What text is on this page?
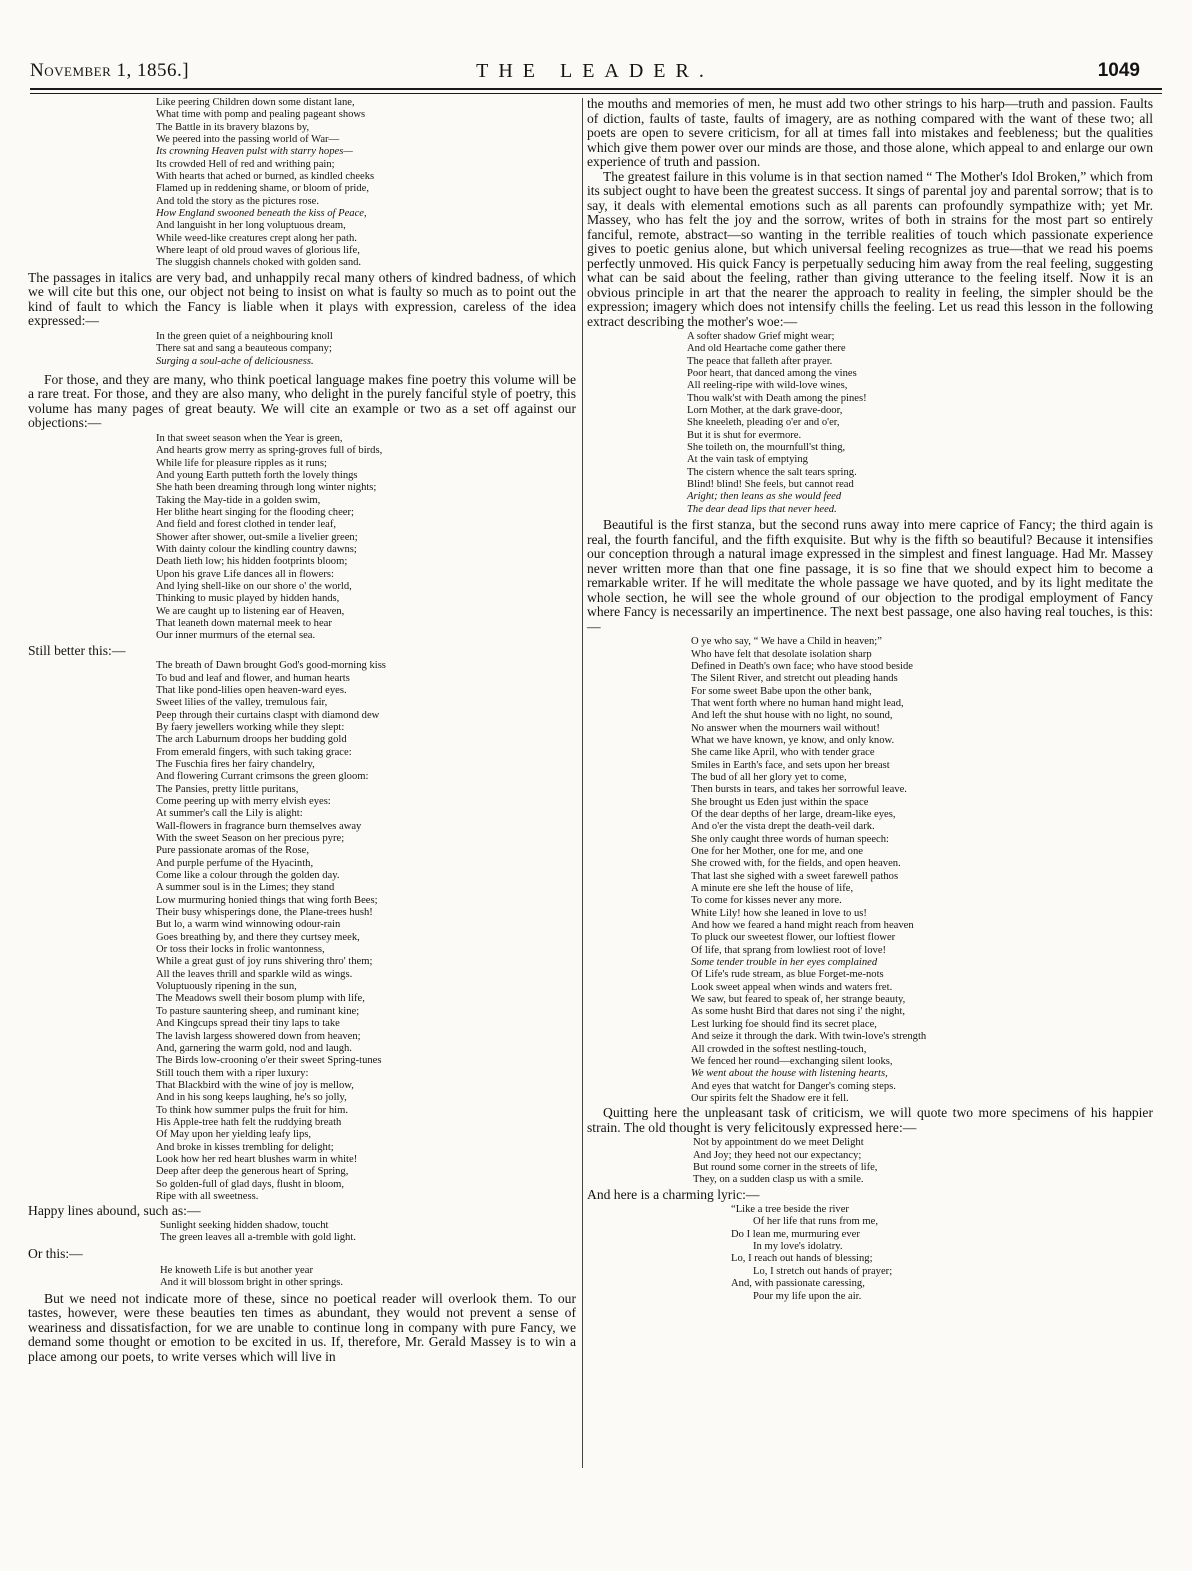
November 1, 1856.]	THE LEADER.	1049
Like peering Children down some distant lane,
What time with pomp and pealing pageant shows
The Battle in its bravery blazons by,
We peered into the passing world of War—
Its crowning Heaven pulst with starry hopes—
Its crowded Hell of red and writhing pain;
With hearts that ached or burned, as kindled cheeks
Flamed up in reddening shame, or bloom of pride,
And told the story as the pictures rose.
How England swooned beneath the kiss of Peace,
And languisht in her long voluptuous dream,
While weed-like creatures crept along her path.
Where leapt of old proud waves of glorious life,
The sluggish channels choked with golden sand.

The passages in italics are very bad, and unhappily recal many others of kindred badness, of which we will cite but this one, our object not being to insist on what is faulty so much as to point out the kind of fault to which the Fancy is liable when it plays with expression, careless of the idea expressed:—

In the green quiet of a neighbouring knoll
There sat and sang a beauteous company;
Surging a soul-ache of deliciousness.

For those, and they are many, who think poetical language makes fine poetry this volume will be a rare treat. For those, and they are also many, who delight in the purely fanciful style of poetry, this volume has many pages of great beauty. We will cite an example or two as a set off against our objections:—

In that sweet season when the Year is green,
And hearts grow merry as spring-groves full of birds,
While life for pleasure ripples as it runs;
And young Earth putteth forth the lovely things
She hath been dreaming through long winter nights;
Taking the May-tide in a golden swim,
Her blithe heart singing for the flooding cheer;
And field and forest clothed in tender leaf,
Shower after shower, out-smile a livelier green;
With dainty colour the kindling country dawns;
Death lieth low; his hidden footprints bloom;
Upon his grave Life dances all in flowers:
And lying shell-like on our shore o' the world,
Thinking to music played by hidden hands,
We are caught up to listening ear of Heaven,
That leaneth down maternal meek to hear
Our inner murmurs of the eternal sea.

Still better this:—

The breath of Dawn brought God's good-morning kiss
To bud and leaf and flower, and human hearts
That like pond-lilies open heaven-ward eyes.
Sweet lilies of the valley, tremulous fair,
Peep through their curtains claspt with diamond dew
By faery jewellers working while they slept:
The arch Laburnum droops her budding gold
From emerald fingers, with such taking grace:
The Fuschia fires her fairy chandelry,
And flowering Currant crimsons the green gloom:
The Pansies, pretty little puritans,
Come peering up with merry elvish eyes:
At summer's call the Lily is alight:
Wall-flowers in fragrance burn themselves away
With the sweet Season on her precious pyre;
Pure passionate aromas of the Rose,
And purple perfume of the Hyacinth,
Come like a colour through the golden day.
A summer soul is in the Limes; they stand
Low murmuring honied things that wing forth Bees;
Their busy whisperings done, the Plane-trees hush!
But lo, a warm wind winnowing odour-rain
Goes breathing by, and there they curtsey meek,
Or toss their locks in frolic wantonness,
While a great gust of joy runs shivering thro' them;
All the leaves thrill and sparkle wild as wings.
Voluptuously ripening in the sun,
The Meadows swell their bosom plump with life,
To pasture sauntering sheep, and ruminant kine;
And Kingcups spread their tiny laps to take
The lavish largess showered down from heaven;
And, garnering the warm gold, nod and laugh.
The Birds low-crooning o'er their sweet Spring-tunes
Still touch them with a riper luxury:
That Blackbird with the wine of joy is mellow,
And in his song keeps laughing, he's so jolly,
To think how summer pulps the fruit for him.
His Apple-tree hath felt the ruddying breath
Of May upon her yielding leafy lips,
And broke in kisses trembling for delight;
Look how her red heart blushes warm in white!
Deep after deep the generous heart of Spring,
So golden-full of glad days, flusht in bloom,
Ripe with all sweetness.

Happy lines abound, such as:—

Sunlight seeking hidden shadow, toucht
The green leaves all a-tremble with gold light.

Or this:—

He knoweth Life is but another year
And it will blossom bright in other springs.

But we need not indicate more of these, since no poetical reader will overlook them. To our tastes, however, were these beauties ten times as abundant, they would not prevent a sense of weariness and dissatisfaction, for we are unable to continue long in company with pure Fancy, we demand some thought or emotion to be excited in us. If, therefore, Mr. Gerald Massey is to win a place among our poets, to write verses which will live in

the mouths and memories of men, he must add two other strings to his harp—truth and passion. Faults of diction, faults of taste, faults of imagery, are as nothing compared with the want of these two; all poets are open to severe criticism, for all at times fall into mistakes and feebleness; but the qualities which give them power over our minds are those, and those alone, which appeal to and enlarge our own experience of truth and passion.

The greatest failure in this volume is in that section named “ The Mother's Idol Broken,” which from its subject ought to have been the greatest success. It sings of parental joy and parental sorrow; that is to say, it deals with elemental emotions such as all parents can profoundly sympathize with; yet Mr. Massey, who has felt the joy and the sorrow, writes of both in strains for the most part so entirely fanciful, remote, abstract—so wanting in the terrible realities of touch which passionate experience gives to poetic genius alone, but which universal feeling recognizes as true—that we read his poems perfectly unmoved. His quick Fancy is perpetually seducing him away from the real feeling, suggesting what can be said about the feeling, rather than giving utterance to the feeling itself. Now it is an obvious principle in art that the nearer the approach to reality in feeling, the simpler should be the expression; imagery which does not intensify chills the feeling. Let us read this lesson in the following extract describing the mother's woe:—

A softer shadow Grief might wear;
And old Heartache come gather there
The peace that falleth after prayer.
Poor heart, that danced among the vines
All reeling-ripe with wild-love wines,
Thou walk'st with Death among the pines!
Lorn Mother, at the dark grave-door,
She kneeleth, pleading o'er and o'er,
But it is shut for evermore.
She toileth on, the mournfull'st thing,
At the vain task of emptying
The cistern whence the salt tears spring.
Blind! blind! She feels, but cannot read
Aright; then leans as she would feed
The dear dead lips that never heed.

Beautiful is the first stanza, but the second runs away into mere caprice of Fancy; the third again is real, the fourth fanciful, and the fifth exquisite. But why is the fifth so beautiful? Because it intensifies our conception through a natural image expressed in the simplest and finest language. Had Mr. Massey never written more than that one fine passage, it is so fine that we should expect him to become a remarkable writer. If he will meditate the whole passage we have quoted, and by its light meditate the whole section, he will see the whole ground of our objection to the prodigal employment of Fancy where Fancy is necessarily an impertinence. The next best passage, one also having real touches, is this:—

O ye who say, “ We have a Child in heaven;”
Who have felt that desolate isolation sharp
Defined in Death's own face; who have stood beside
The Silent River, and stretcht out pleading hands
For some sweet Babe upon the other bank,
That went forth where no human hand might lead,
And left the shut house with no light, no sound,
No answer when the mourners wail without!
What we have known, ye know, and only know.
She came like April, who with tender grace
Smiles in Earth's face, and sets upon her breast
The bud of all her glory yet to come,
Then bursts in tears, and takes her sorrowful leave.
She brought us Eden just within the space
Of the dear depths of her large, dream-like eyes,
And o'er the vista drept the death-veil dark.
She only caught three words of human speech:
One for her Mother, one for me, and one
She crowed with, for the fields, and open heaven.
That last she sighed with a sweet farewell pathos
A minute ere she left the house of life,
To come for kisses never any more.
White Lily! how she leaned in love to us!
And how we feared a hand might reach from heaven
To pluck our sweetest flower, our loftiest flower
Of life, that sprang from lowliest root of love!
Some tender trouble in her eyes complained
Of Life's rude stream, as blue Forget-me-nots
Look sweet appeal when winds and waters fret.
We saw, but feared to speak of, her strange beauty,
As some husht Bird that dares not sing i' the night,
Lest lurking foe should find its secret place,
And seize it through the dark. With twin-love's strength
All crowded in the softest nestling-touch,
We fenced her round—exchanging silent looks,
We went about the house with listening hearts,
And eyes that watcht for Danger's coming steps.
Our spirits felt the Shadow ere it fell.

Quitting here the unpleasant task of criticism, we will quote two more specimens of his happier strain. The old thought is very felicitously expressed here:—

Not by appointment do we meet Delight
And Joy; they heed not our expectancy;
But round some corner in the streets of life,
They, on a sudden clasp us with a smile.

And here is a charming lyric:—

“Like a tree beside the river
Of her life that runs from me,
Do I lean me, murmuring ever
In my love's idolatry.
Lo, I reach out hands of blessing;
Lo, I stretch out hands of prayer;
And, with passionate caressing,
Pour my life upon the air.
